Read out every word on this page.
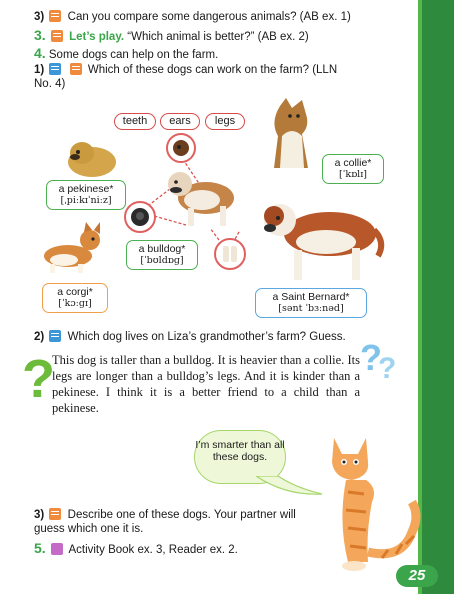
3) Can you compare some dangerous animals? (AB ex. 1)
3. Let’s play. “Which animal is better?” (AB ex. 2)
4. Some dogs can help on the farm.
1)	Which of these dogs can work on the farm? (LLN
No. 4)
teeth	ears	legs
a pekinese*
[ˌpiːkɪˈniːz]
a collie*
[ˈkɒlɪ]
a bulldog*
[ˈbʊldɒg]
a corgi*
[ˈkɔːgɪ]
a Saint Bernard*
[sənt ˈbɜːnəd]
2) Which dog lives on Liza’s grandmother’s farm? Guess.
?	?
?
This dog is taller than a bulldog. It is heavier than a collie. Its legs are longer than a bulldog’s legs. And it is kinder than a pekinese. I think it is a better friend to a child than a pekinese.
I’m smarter than all these dogs.
3) Describe one of these dogs. Your partner will
guess which one it is.
5. Activity Book ex. 3, Reader ex. 2.
25
